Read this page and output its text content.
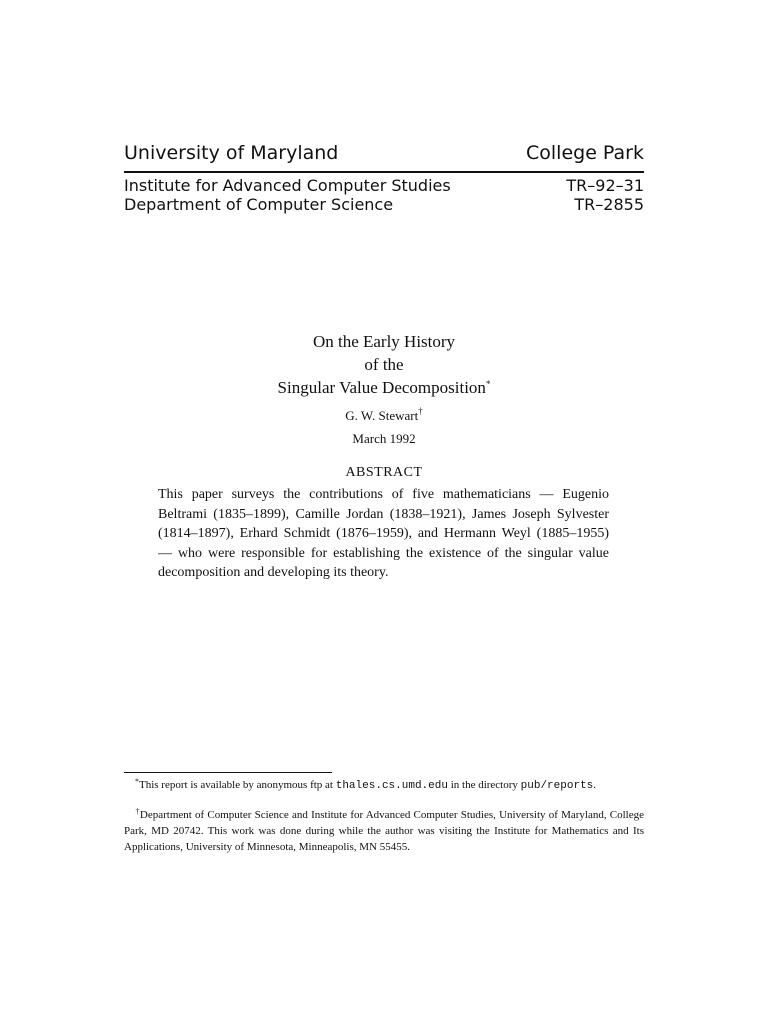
University of Maryland	College Park
Institute for Advanced Computer Studies	TR–92–31
Department of Computer Science	TR–2855
On the Early History
of the
Singular Value Decomposition*
G. W. Stewart†
March 1992
ABSTRACT

This paper surveys the contributions of five mathematicians — Eugenio Beltrami (1835–1899), Camille Jordan (1838–1921), James Joseph Sylvester (1814–1897), Erhard Schmidt (1876–1959), and Hermann Weyl (1885–1955) — who were responsible for establishing the existence of the singular value decomposition and developing its theory.

 *This report is available by anonymous ftp at thales.cs.umd.edu in the directory pub/reports.

 †Department of Computer Science and Institute for Advanced Computer Studies, University of Maryland, College Park, MD 20742. This work was done during while the author was visiting the Institute for Mathematics and Its Applications, University of Minnesota, Minneapolis, MN 55455.
